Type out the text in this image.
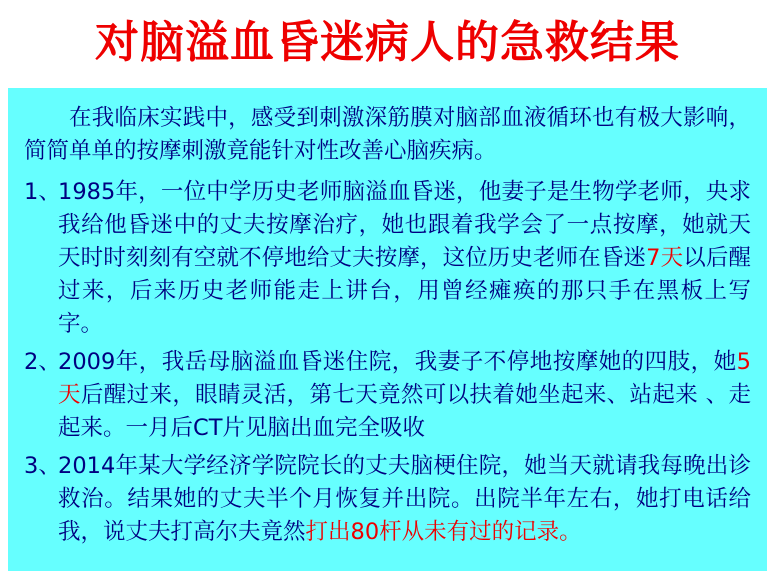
对脑溢血昏迷病人的急救结果

在我临床实践中，感受到刺激深筋膜对脑部血液循环也有极大影响，简简单单的按摩刺激竟能针对性改善心脑疾病。

1、
1985年，一位中学历史老师脑溢血昏迷，他妻子是生物学老师，央求我给他昏迷中的丈夫按摩治疗，她也跟着我学会了一点按摩，她就天天时时刻刻有空就不停地给丈夫按摩，这位历史老师在昏迷7天以后醒过来，后来历史老师能走上讲台，用曾经瘫痪的那只手在黑板上写字。
2、
2009年，我岳母脑溢血昏迷住院，我妻子不停地按摩她的四肢，她5天后醒过来，眼睛灵活，第七天竟然可以扶着她坐起来、站起来 、走起来。一月后CT片见脑出血完全吸收
3、
2014年某大学经济学院院长的丈夫脑梗住院，她当天就请我每晚出诊救治。结果她的丈夫半个月恢复并出院。出院半年左右，她打电话给我，说丈夫打高尔夫竟然打出80杆从未有过的记录。
